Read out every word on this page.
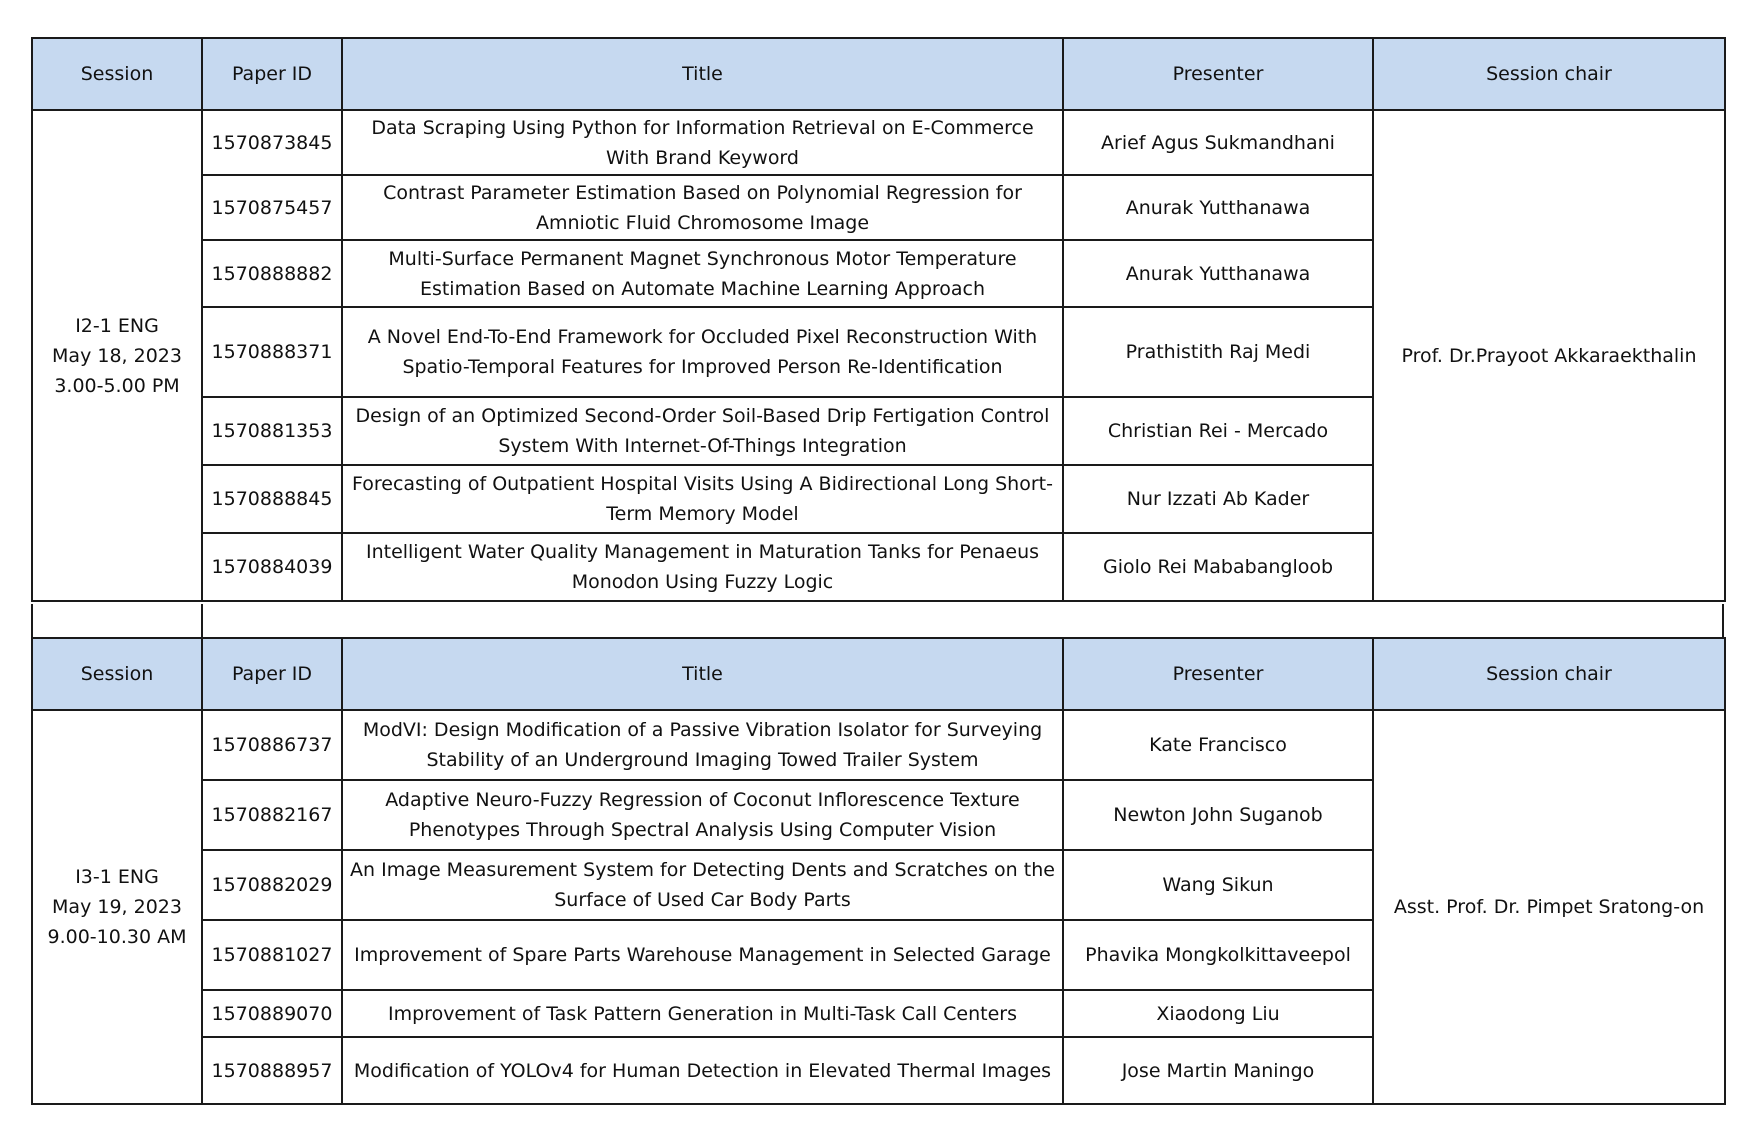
Session	Paper ID	Title	Presenter	Session chair

I2-1 ENG
May 18, 2023
3.00-5.00 PM	1570873845	Data Scraping Using Python for Information Retrieval on E-Commerce With Brand Keyword	Arief Agus Sukmandhani	Prof. Dr.Prayoot Akkaraekthalin

	1570875457	Contrast Parameter Estimation Based on Polynomial Regression for Amniotic Fluid Chromosome Image	Anurak Yutthanawa	
	1570888882	Multi-Surface Permanent Magnet Synchronous Motor Temperature Estimation Based on Automate Machine Learning Approach	Anurak Yutthanawa	
	1570888371	A Novel End-To-End Framework for Occluded Pixel Reconstruction With Spatio-Temporal Features for Improved Person Re-Identification	Prathistith Raj Medi	
	1570881353	Design of an Optimized Second-Order Soil-Based Drip Fertigation Control System With Internet-Of-Things Integration	Christian Rei - Mercado	
	1570888845	Forecasting of Outpatient Hospital Visits Using A Bidirectional Long Short-Term Memory Model	Nur Izzati Ab Kader	
	1570884039	Intelligent Water Quality Management in Maturation Tanks for Penaeus Monodon Using Fuzzy Logic	Giolo Rei Mababangloob	
Session	Paper ID	Title	Presenter	Session chair

I3-1 ENG
May 19, 2023
9.00-10.30 AM	1570886737	ModVI: Design Modification of a Passive Vibration Isolator for Surveying Stability of an Underground Imaging Towed Trailer System	Kate Francisco	Asst. Prof. Dr. Pimpet Sratong-on

	1570882167	Adaptive Neuro-Fuzzy Regression of Coconut Inflorescence Texture Phenotypes Through Spectral Analysis Using Computer Vision	Newton John Suganob	
	1570882029	An Image Measurement System for Detecting Dents and Scratches on the Surface of Used Car Body Parts	Wang Sikun	
	1570881027	Improvement of Spare Parts Warehouse Management in Selected Garage	Phavika Mongkolkittaveepol	
	1570889070	Improvement of Task Pattern Generation in Multi-Task Call Centers	Xiaodong Liu	
	1570888957	Modification of YOLOv4 for Human Detection in Elevated Thermal Images	Jose Martin Maningo	
